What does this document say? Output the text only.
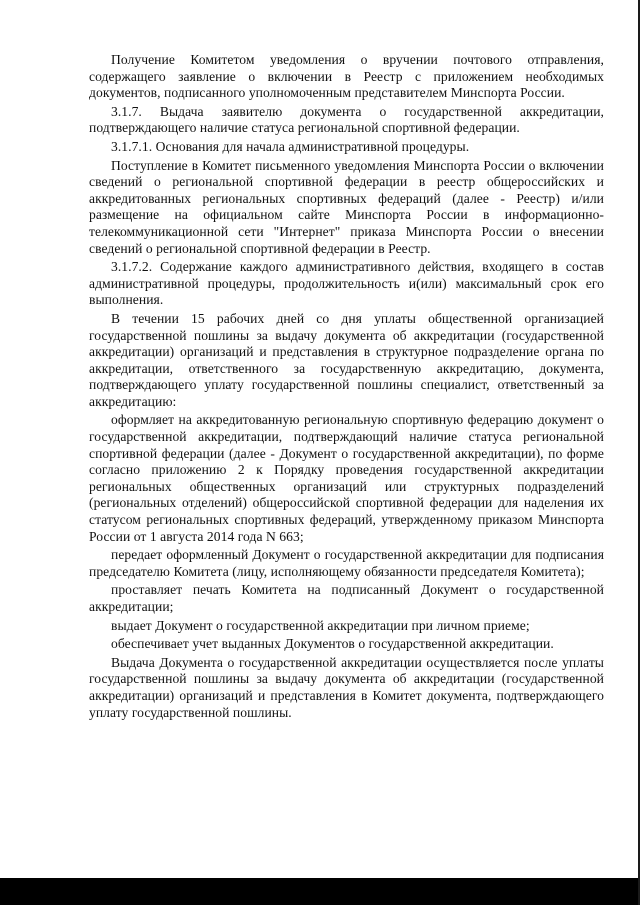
Получение Комитетом уведомления о вручении почтового отправления, содержащего заявление о включении в Реестр с приложением необходимых документов, подписанного уполномоченным представителем Минспорта России.

3.1.7. Выдача заявителю документа о государственной аккредитации, подтверждающего наличие статуса региональной спортивной федерации.

3.1.7.1. Основания для начала административной процедуры.

Поступление в Комитет письменного уведомления Минспорта России о включении сведений о региональной спортивной федерации в реестр общероссийских и аккредитованных региональных спортивных федераций (далее - Реестр) и/или размещение на официальном сайте Минспорта России в информационно-телекоммуникационной сети "Интернет" приказа Минспорта России о внесении сведений о региональной спортивной федерации в Реестр.

3.1.7.2. Содержание каждого административного действия, входящего в состав административной процедуры, продолжительность и(или) максимальный срок его выполнения.

В течении 15 рабочих дней со дня уплаты общественной организацией государственной пошлины за выдачу документа об аккредитации (государственной аккредитации) организаций и представления в структурное подразделение органа по аккредитации, ответственного за государственную аккредитацию, документа, подтверждающего уплату государственной пошлины специалист, ответственный за аккредитацию:

оформляет на аккредитованную региональную спортивную федерацию документ о государственной аккредитации, подтверждающий наличие статуса региональной спортивной федерации (далее - Документ о государственной аккредитации), по форме согласно приложению 2 к Порядку проведения государственной аккредитации региональных общественных организаций или структурных подразделений (региональных отделений) общероссийской спортивной федерации для наделения их статусом региональных спортивных федераций, утвержденному приказом Минспорта России от 1 августа 2014 года N 663;

передает оформленный Документ о государственной аккредитации для подписания председателю Комитета (лицу, исполняющему обязанности председателя Комитета);

проставляет печать Комитета на подписанный Документ о государственной аккредитации;

выдает Документ о государственной аккредитации при личном приеме;

обеспечивает учет выданных Документов о государственной аккредитации.

Выдача Документа о государственной аккредитации осуществляется после уплаты государственной пошлины за выдачу документа об аккредитации (государственной аккредитации) организаций и представления в Комитет документа, подтверждающего уплату государственной пошлины.
